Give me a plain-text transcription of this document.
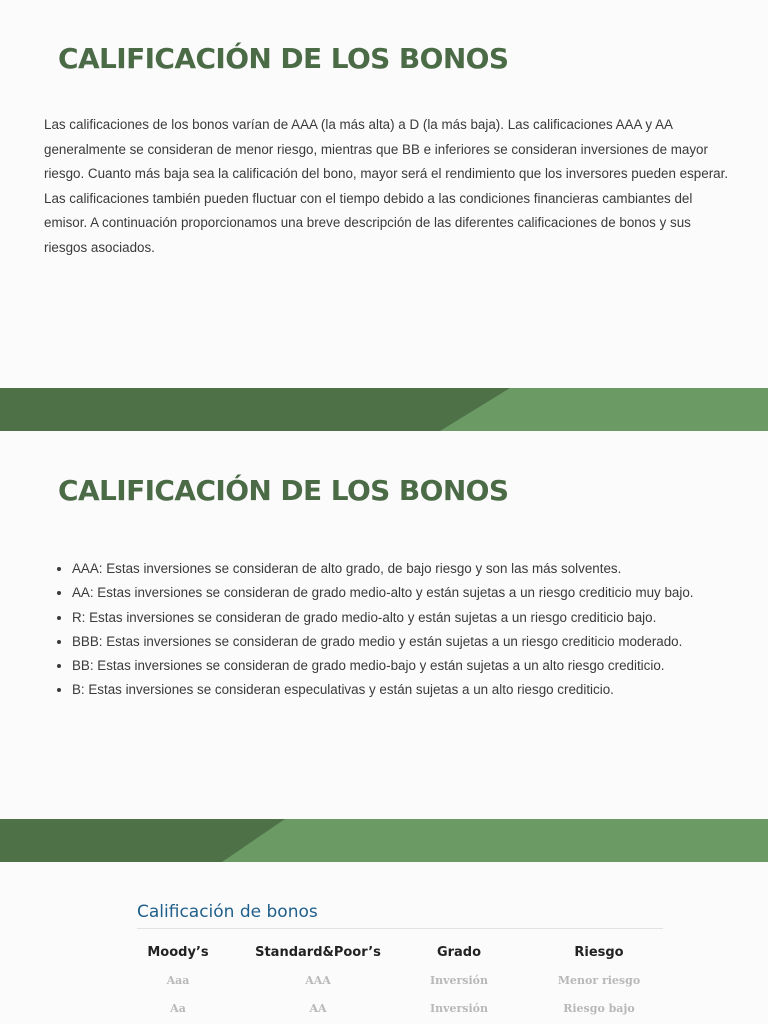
CALIFICACIÓN DE LOS BONOS

Las calificaciones de los bonos varían de AAA (la más alta) a D (la más baja). Las calificaciones AAA y AA generalmente se consideran de menor riesgo, mientras que BB e inferiores se consideran inversiones de mayor riesgo. Cuanto más baja sea la calificación del bono, mayor será el rendimiento que los inversores pueden esperar. Las calificaciones también pueden fluctuar con el tiempo debido a las condiciones financieras cambiantes del emisor. A continuación proporcionamos una breve descripción de las diferentes calificaciones de bonos y sus riesgos asociados.

CALIFICACIÓN DE LOS BONOS
• AAA: Estas inversiones se consideran de alto grado, de bajo riesgo y son las más solventes.
• AA: Estas inversiones se consideran de grado medio-alto y están sujetas a un riesgo crediticio muy bajo.
• R: Estas inversiones se consideran de grado medio-alto y están sujetas a un riesgo crediticio bajo.
• BBB: Estas inversiones se consideran de grado medio y están sujetas a un riesgo crediticio moderado.
• BB: Estas inversiones se consideran de grado medio-bajo y están sujetas a un alto riesgo crediticio.
• B: Estas inversiones se consideran especulativas y están sujetas a un alto riesgo crediticio.
Calificación de bonos
Moody’s	Standard&Poor’s	Grado	Riesgo
Aaa	AAA	Inversión	Menor riesgo
Aa	AA	Inversión	Riesgo bajo
